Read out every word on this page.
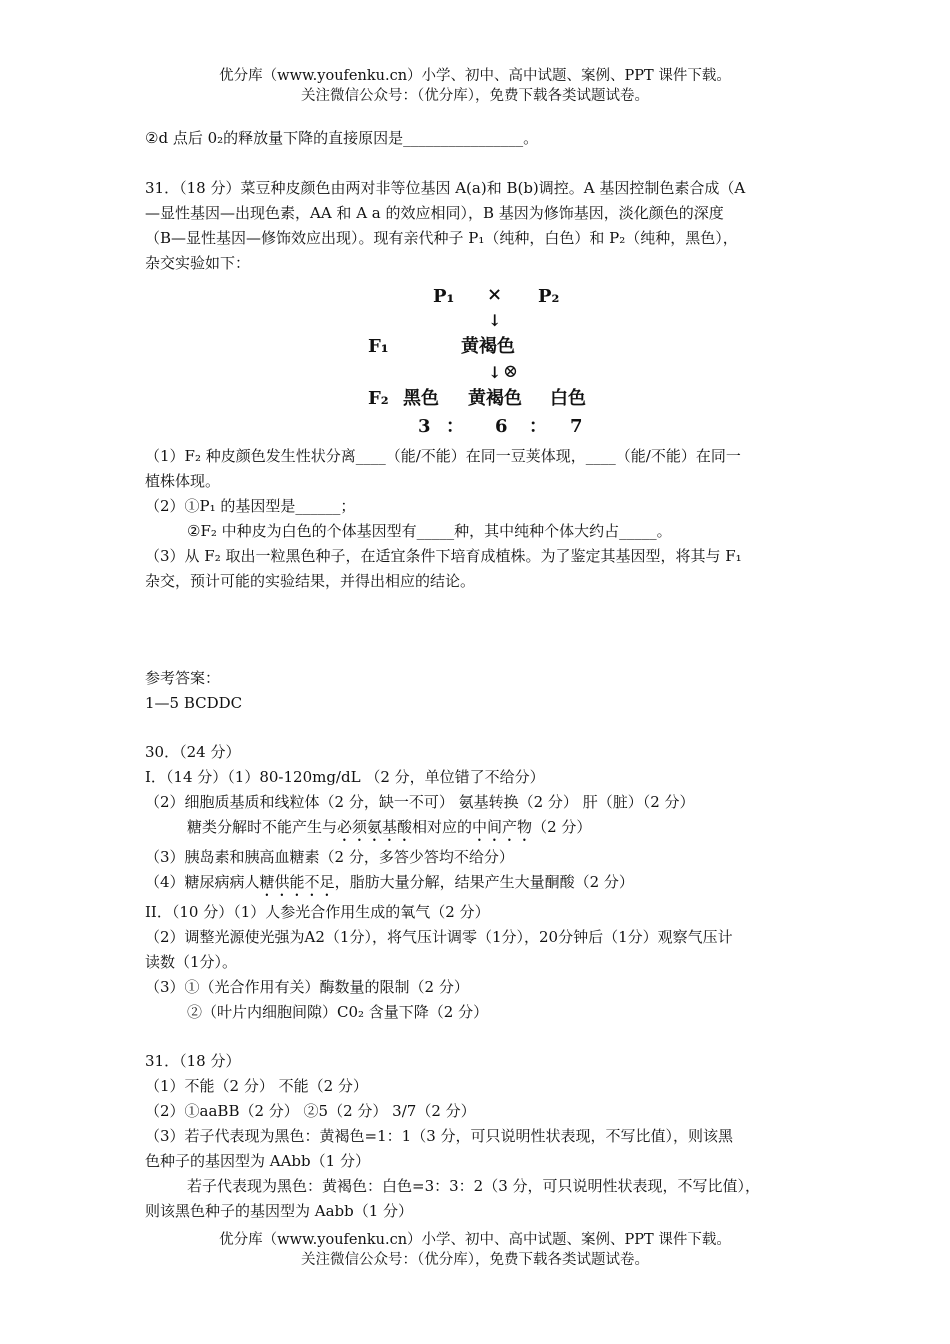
优分库（www.youfenku.cn）小学、初中、高中试题、案例、PPT 课件下载。
关注微信公众号：（优分库），免费下载各类试题试卷。

②d 点后 0₂的释放量下降的直接原因是________________。

31．（18 分）菜豆种皮颜色由两对非等位基因 A(a)和 B(b)调控。A 基因控制色素合成（A

—显性基因—出现色素，AA 和 A a 的效应相同），B 基因为修饰基因，淡化颜色的深度

（B—显性基因—修饰效应出现）。现有亲代种子 P₁（纯种，白色）和 P₂（纯种，黑色），

杂交实验如下：

P₁ × P₂
↓
F₁	黄褐色
↓ ⊗
F₂ 黑色 黄褐色 白色
3 ： 6 ： 7

（1）F₂ 种皮颜色发生性状分离____（能/不能）在同一豆荚体现，____（能/不能）在同一

植株体现。

（2）①P₁ 的基因型是______；

②F₂ 中种皮为白色的个体基因型有_____种，其中纯种个体大约占_____。

（3）从 F₂ 取出一粒黑色种子，在适宜条件下培育成植株。为了鉴定其基因型，将其与 F₁

杂交，预计可能的实验结果，并得出相应的结论。

参考答案：

1—5 BCDDC

30．（24 分）

I．（14 分）（1）80-120mg/dL （2 分，单位错了不给分）

（2）细胞质基质和线粒体（2 分，缺一不可） 氨基转换（2 分） 肝（脏）（2 分）

糖类分解时不能产生与必须氨基酸相对应的中间产物（2 分）

（3）胰岛素和胰高血糖素（2 分，多答少答均不给分）

（4）糖尿病病人糖供能不足，脂肪大量分解，结果产生大量酮酸（2 分）

II．（10 分）（1）人参光合作用生成的氧气（2 分）

（2）调整光源使光强为A2（1分），将气压计调零（1分），20分钟后（1分）观察气压计

读数（1分）。

（3）①（光合作用有关）酶数量的限制（2 分）

②（叶片内细胞间隙）C0₂ 含量下降（2 分）

31．（18 分）

（1）不能（2 分） 不能（2 分）

（2）①aaBB（2 分） ②5（2 分） 3/7（2 分）

（3）若子代表现为黑色：黄褐色=1：1（3 分，可只说明性状表现，不写比值），则该黑

色种子的基因型为 AAbb（1 分）

若子代表现为黑色：黄褐色：白色=3：3：2（3 分，可只说明性状表现，不写比值），

则该黑色种子的基因型为 Aabb（1 分）

优分库（www.youfenku.cn）小学、初中、高中试题、案例、PPT 课件下载。
关注微信公众号：（优分库），免费下载各类试题试卷。
